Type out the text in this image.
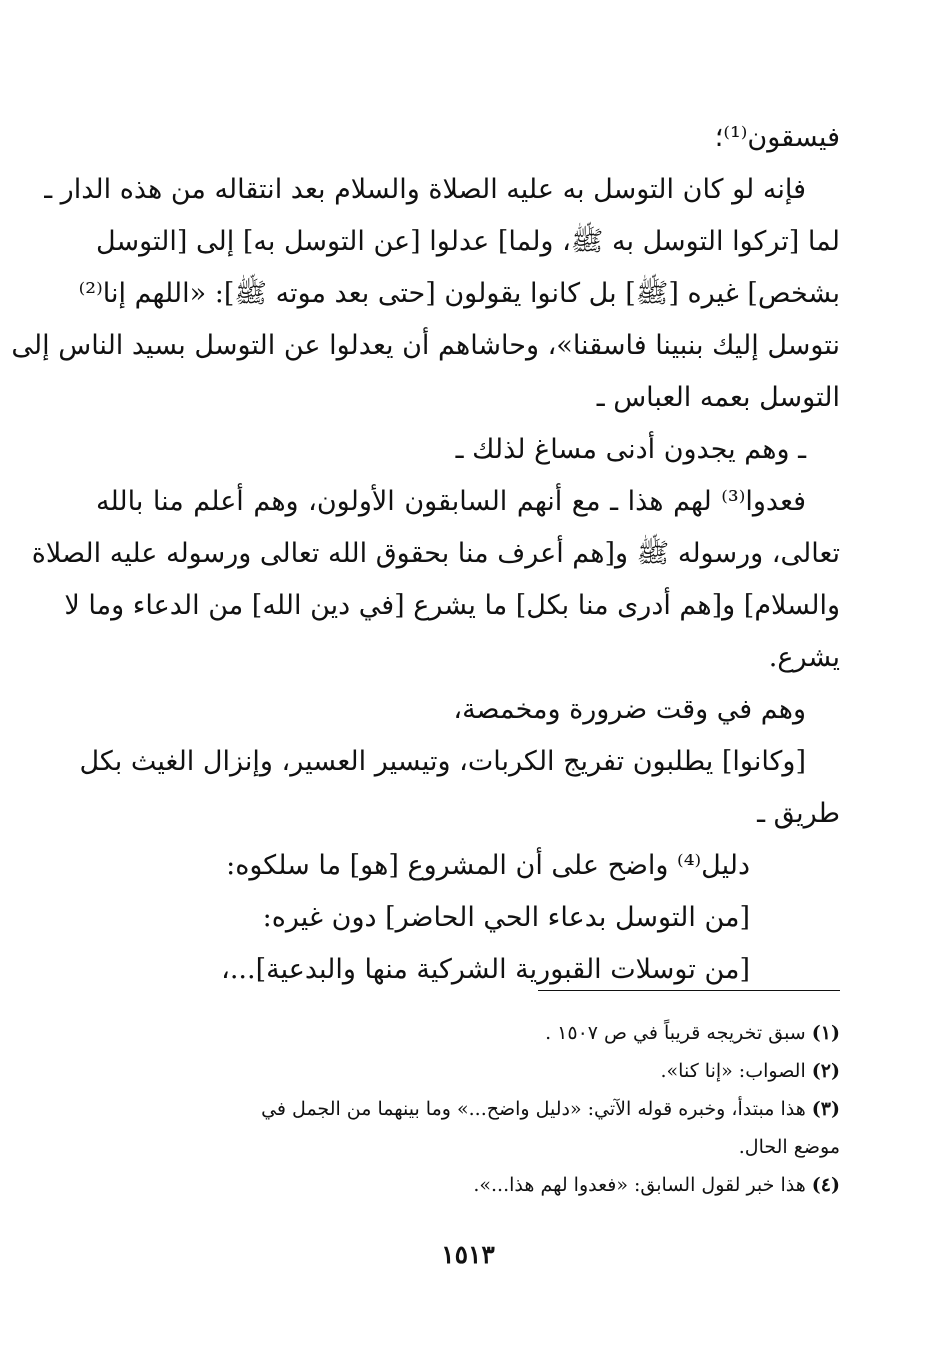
فيسقون⁽¹⁾؛
فإنه لو كان التوسل به عليه الصلاة والسلام بعد انتقاله من هذه الدار ـ
لما [تركوا التوسل به ﷺ، ولما] عدلوا [عن التوسل به] إلى [التوسل
بشخص] غيره [ﷺ] بل كانوا يقولون [حتى بعد موته ﷺ]: «اللهم إنا⁽²⁾
نتوسل إليك بنبينا فاسقنا»، وحاشاهم أن يعدلوا عن التوسل بسيد الناس إلى
التوسل بعمه العباس ـ
ـ وهم يجدون أدنى مساغ لذلك ـ
فعدوا⁽³⁾ لهم هذا ـ مع أنهم السابقون الأولون، وهم أعلم منا بالله
تعالى، ورسوله ﷺ و[هم أعرف منا بحقوق الله تعالى ورسوله عليه الصلاة
والسلام] و[هم أدرى منا بكل] ما يشرع [في دين الله] من الدعاء وما لا
يشرع.
وهم في وقت ضرورة ومخمصة،
[وكانوا] يطلبون تفريج الكربات، وتيسير العسير، وإنزال الغيث بكل
طريق ـ
دليل⁽⁴⁾ واضح على أن المشروع [هو] ما سلكوه:
[من التوسل بدعاء الحي الحاضر] دون غيره:
[من توسلات القبورية الشركية منها والبدعية]...،
(١) سبق تخريجه قريباً في ص ١٥٠٧ .
(٢) الصواب: «إنا كنا».
(٣) هذا مبتدأ، وخبره قوله الآتي: «دليل واضح...» وما بينهما من الجمل في
موضع الحال.
(٤) هذا خبر لقول السابق: «فعدوا لهم هذا...».
١٥١٣
